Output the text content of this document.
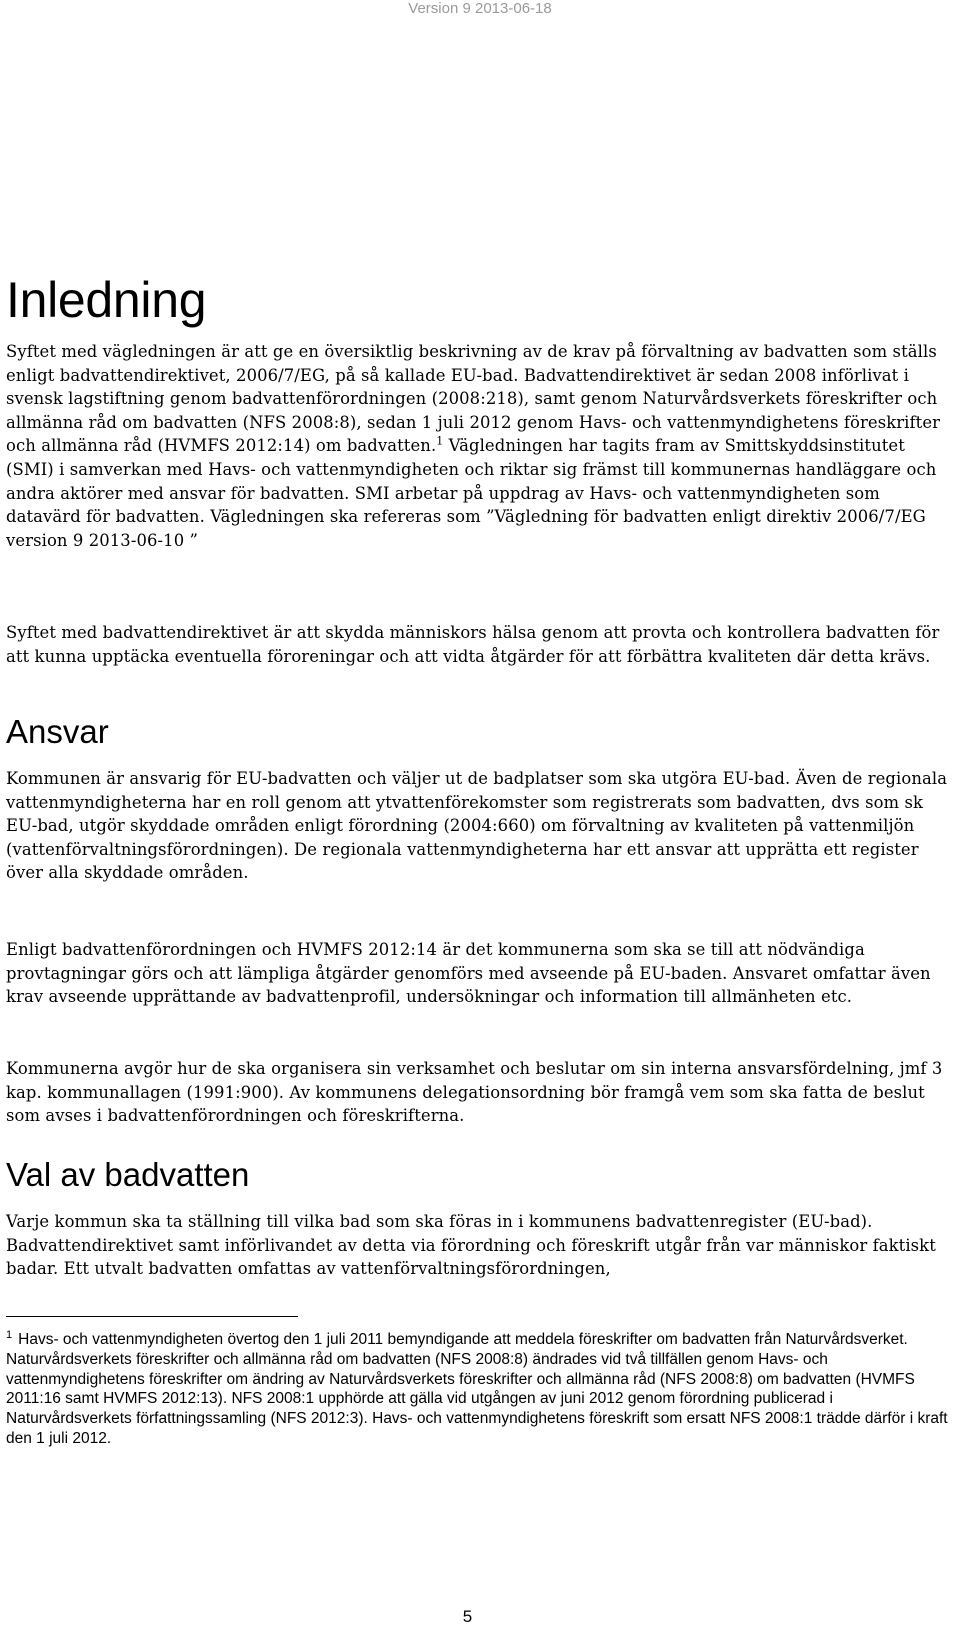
Version 9 2013-06-18
Inledning

Syftet med vägledningen är att ge en översiktlig beskrivning av de krav på förvaltning av badvatten som ställs enligt badvattendirektivet, 2006/7/EG, på så kallade EU-bad. Badvattendirektivet är sedan 2008 införlivat i svensk lagstiftning genom badvattenförordningen (2008:218), samt genom Naturvårdsverkets föreskrifter och allmänna råd om badvatten (NFS 2008:8), sedan 1 juli 2012 genom Havs- och vattenmyndighetens föreskrifter och allmänna råd (HVMFS 2012:14) om badvatten.$^1$ Vägledningen har tagits fram av Smittskyddsinstitutet (SMI) i samverkan med Havs- och vattenmyndigheten och riktar sig främst till kommunernas handläggare och andra aktörer med ansvar för badvatten. SMI arbetar på uppdrag av Havs- och vattenmyndigheten som datavärd för badvatten. Vägledningen ska refereras som ”Vägledning för badvatten enligt direktiv 2006/7/EG version 9 2013-06-10 ”

Syftet med badvattendirektivet är att skydda människors hälsa genom att provta och kontrollera badvatten för att kunna upptäcka eventuella föroreningar och att vidta åtgärder för att förbättra kvaliteten där detta krävs.

Ansvar

Kommunen är ansvarig för EU-badvatten och väljer ut de badplatser som ska utgöra EU-bad. Även de regionala vattenmyndigheterna har en roll genom att ytvattenförekomster som registrerats som badvatten, dvs som sk EU-bad, utgör skyddade områden enligt förordning (2004:660) om förvaltning av kvaliteten på vattenmiljön (vattenförvaltningsförordningen). De regionala vattenmyndigheterna har ett ansvar att upprätta ett register över alla skyddade områden.

Enligt badvattenförordningen och HVMFS 2012:14 är det kommunerna som ska se till att nödvändiga provtagningar görs och att lämpliga åtgärder genomförs med avseende på EU-baden. Ansvaret omfattar även krav avseende upprättande av badvattenprofil, undersökningar och information till allmänheten etc.

Kommunerna avgör hur de ska organisera sin verksamhet och beslutar om sin interna ansvarsfördelning, jmf 3 kap. kommunallagen (1991:900). Av kommunens delegationsordning bör framgå vem som ska fatta de beslut som avses i badvattenförordningen och föreskrifterna.

Val av badvatten

Varje kommun ska ta ställning till vilka bad som ska föras in i kommunens badvattenregister (EU-bad). Badvattendirektivet samt införlivandet av detta via förordning och föreskrift utgår från var människor faktiskt badar. Ett utvalt badvatten omfattas av vattenförvaltningsförordningen,

$^1$ Havs- och vattenmyndigheten övertog den 1 juli 2011 bemyndigande att meddela föreskrifter om badvatten från Naturvårdsverket. Naturvårdsverkets föreskrifter och allmänna råd om badvatten (NFS 2008:8) ändrades vid två tillfällen genom Havs- och vattenmyndighetens föreskrifter om ändring av Naturvårdsverkets föreskrifter och allmänna råd (NFS 2008:8) om badvatten (HVMFS 2011:16 samt HVMFS 2012:13). NFS 2008:1 upphörde att gälla vid utgången av juni 2012 genom förordning publicerad i Naturvårdsverkets författningssamling (NFS 2012:3). Havs- och vattenmyndighetens föreskrift som ersatt NFS 2008:1 trädde därför i kraft den 1 juli 2012.

5
